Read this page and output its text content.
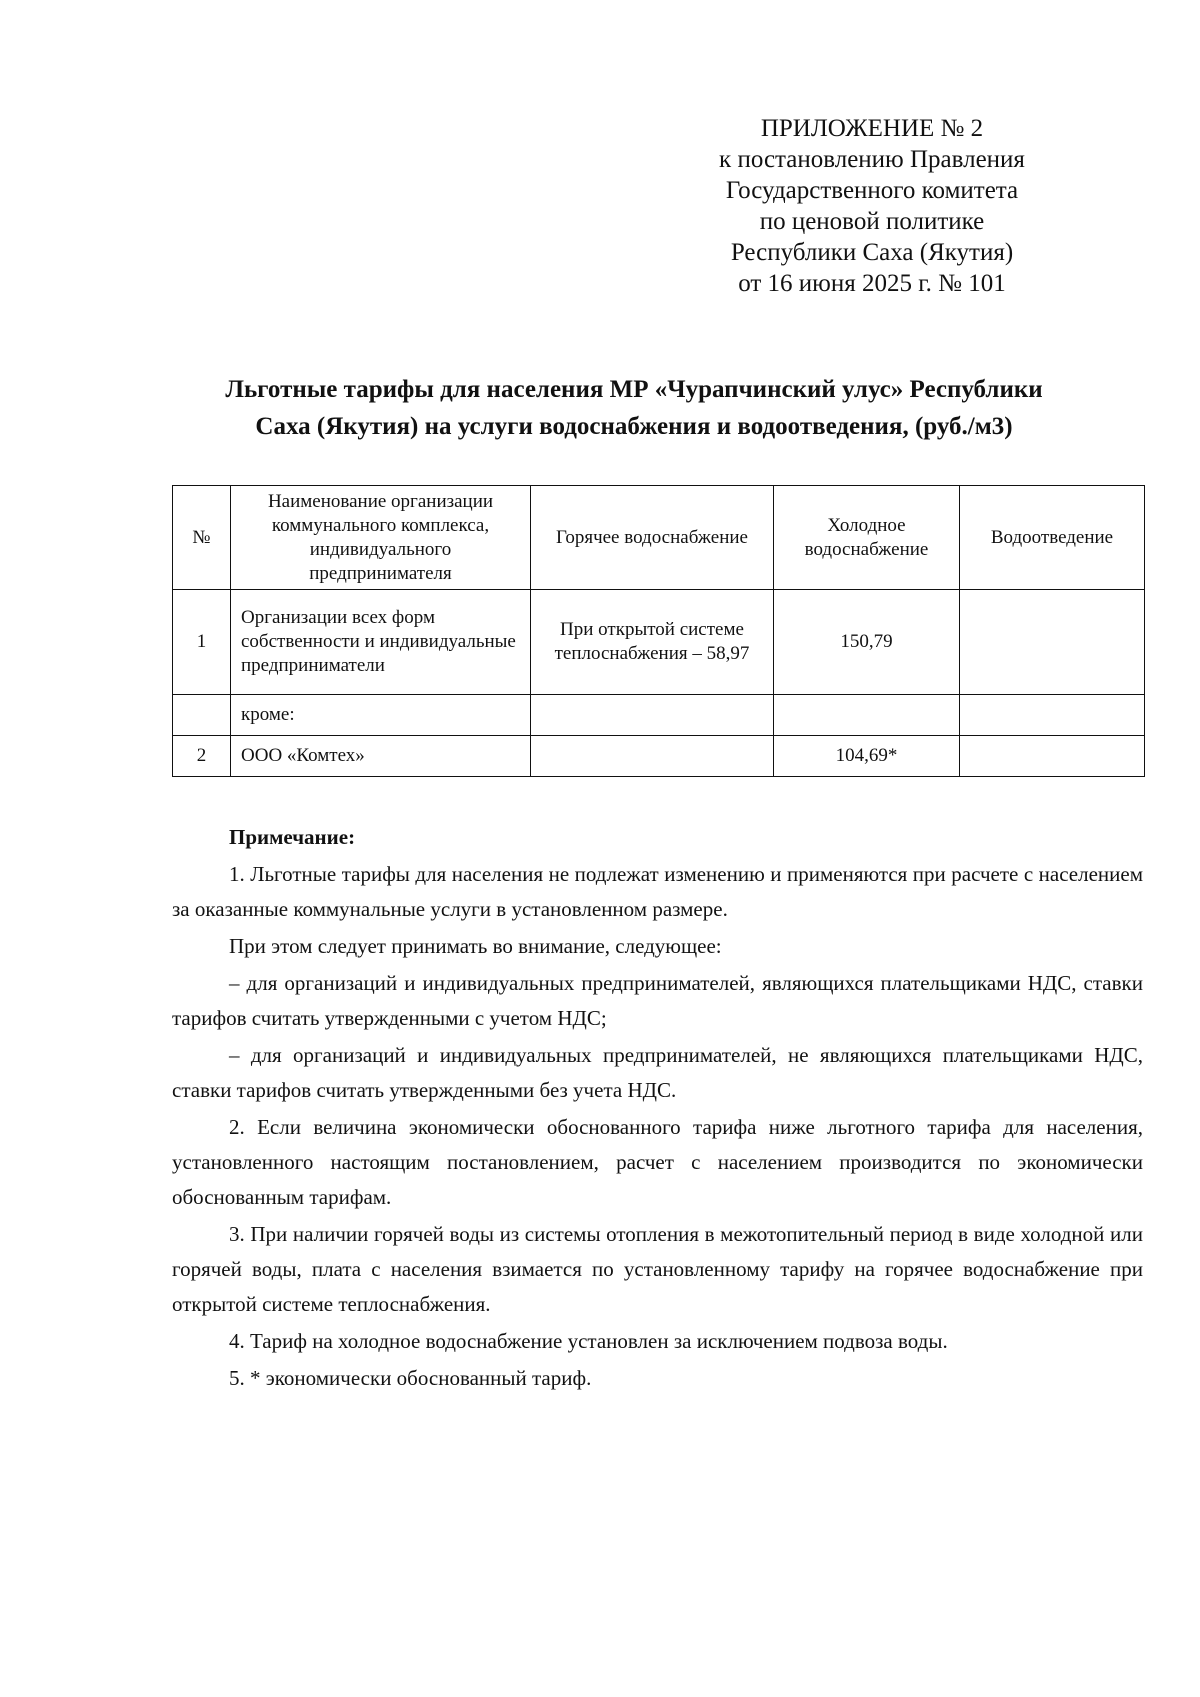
ПРИЛОЖЕНИЕ № 2
к постановлению Правления
Государственного комитета
по ценовой политике
Республики Саха (Якутия)
от 16 июня 2025 г. № 101
Льготные тарифы для населения МР «Чурапчинский улус» Республики
Саха (Якутия) на услуги водоснабжения и водоотведения, (руб./м3)
№	Наименование организации коммунального комплекса, индивидуального предпринимателя	Горячее водоснабжение	Холодное водоснабжение	Водоотведение
1	Организации всех форм собственности и индивидуальные предприниматели	При открытой системе теплоснабжения – 58,97	150,79	
	кроме:			
2	ООО «Комтех»		104,69*	
Примечание:

1. Льготные тарифы для населения не подлежат изменению и применяются при расчете с населением за оказанные коммунальные услуги в установленном размере.

При этом следует принимать во внимание, следующее:

– для организаций и индивидуальных предпринимателей, являющихся плательщиками НДС, ставки тарифов считать утвержденными с учетом НДС;

– для организаций и индивидуальных предпринимателей, не являющихся плательщиками НДС, ставки тарифов считать утвержденными без учета НДС.

2. Если величина экономически обоснованного тарифа ниже льготного тарифа для населения, установленного настоящим постановлением, расчет с населением производится по экономически обоснованным тарифам.

3. При наличии горячей воды из системы отопления в межотопительный период в виде холодной или горячей воды, плата с населения взимается по установленному тарифу на горячее водоснабжение при открытой системе теплоснабжения.

4. Тариф на холодное водоснабжение установлен за исключением подвоза воды.

5. * экономически обоснованный тариф.
